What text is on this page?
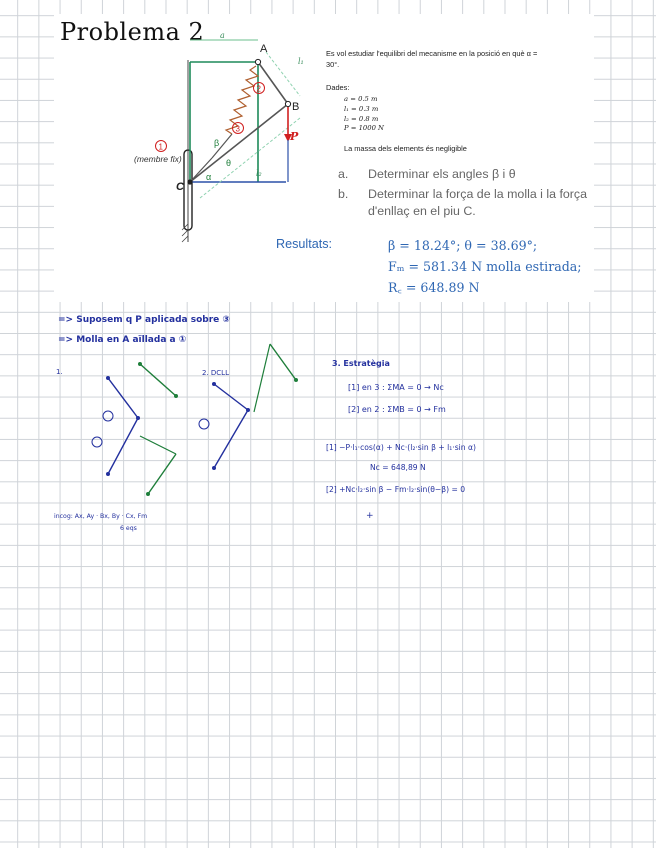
Problema 2

Es vol estudiar l'equilibri del mecanisme en la posició en què α = 30°.

Dades:
a = 0.5 m
l₁ = 0.3 m
l₂ = 0.8 m
P = 1000 N
La massa dels elements és negligible
a.	Determinar els angles β i θ
b.	Determinar la força de la molla i la força d'enllaç en el piu C.
Resultats:	β = 18.24°; θ = 38.69°;
Fₘ = 581.34 N molla estirada;
R꜀ = 648.89 N
a
l₁
l₂
P
A
B
C
α
β
θ
1
2
3
(membre fix)
=> Suposem q P aplicada sobre ③
=> Molla en A aïllada a ①
1.	2. DCLL
3. Estratègia
[1] en 3 : ΣMA = 0 → Nc
[2] en 2 : ΣMB = 0 → Fm
[1] −P·l₁·cos(α) + Nc·(l₂·sin β + l₁·sin α)
Nc = 648,89 N
[2] +Nc·l₂·sin β − Fm·l₂·sin(θ−β) = 0
+
incog: Ax, Ay · Bx, By · Cx, Fm
6 eqs
